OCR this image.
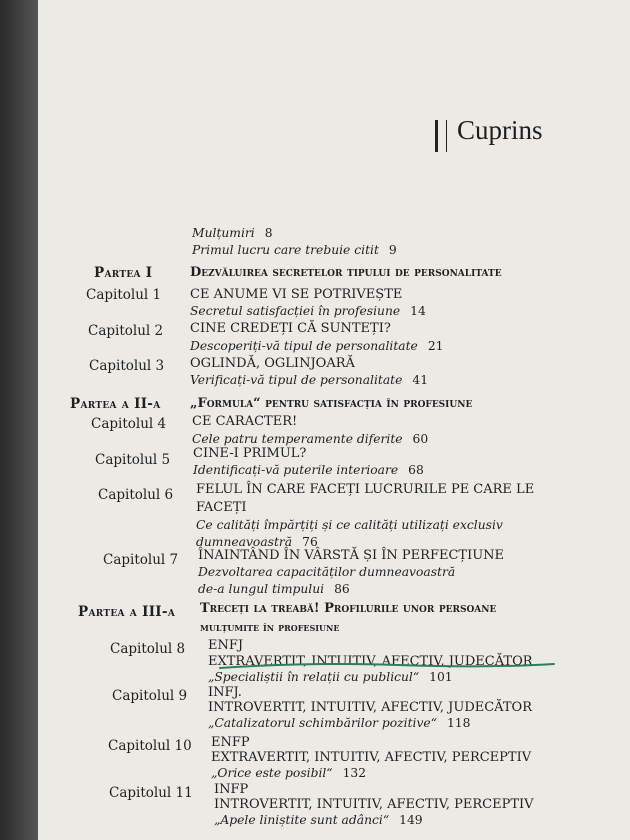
Cuprins
Mulțumiri 8
Primul lucru care trebuie citit 9
Partea I	Dezvăluirea secretelor tipului de personalitate
Capitolul 1 CE ANUME VI SE POTRIVEȘTE
Secretul satisfacției în profesiune 14
Capitolul 2 CINE CREDEȚI CĂ SUNTEȚI?
Descoperiți-vă tipul de personalitate 21
Capitolul 3 OGLINDĂ, OGLINJOARĂ
Verificați-vă tipul de personalitate 41
Partea a II-a „Formula“ pentru satisfacția în profesiune
Capitolul 4 CE CARACTER!
Cele patru temperamente diferite 60
Capitolul 5 CINE-I PRIMUL?
Identificați-vă puterile interioare 68
Capitolul 6 FELUL ÎN CARE FACEȚI LUCRURILE PE CARE LE
FACEȚI
Ce calități împărțiți și ce calități utilizați exclusiv
dumneavoastră 76
Capitolul 7 ÎNAINTÂND ÎN VÂRSTĂ ȘI ÎN PERFECȚIUNE
Dezvoltarea capacităților dumneavoastră
de-a lungul timpului 86
Partea a III-a Treceți la treabă! Profilurile unor persoane
mulțumite în profesiune
Capitolul 8 ENFJ
EXTRAVERTIT, INTUITIV, AFECTIV, JUDECĂTOR
„Specialiștii în relații cu publicul“ 101
Capitolul 9 INFJ.
INTROVERTIT, INTUITIV, AFECTIV, JUDECĂTOR
„Catalizatorul schimbărilor pozitive“ 118
Capitolul 10 ENFP
EXTRAVERTIT, INTUITIV, AFECTIV, PERCEPTIV
„Orice este posibil“ 132
Capitolul 11 INFP
INTROVERTIT, INTUITIV, AFECTIV, PERCEPTIV
„Apele liniștite sunt adânci“ 149
